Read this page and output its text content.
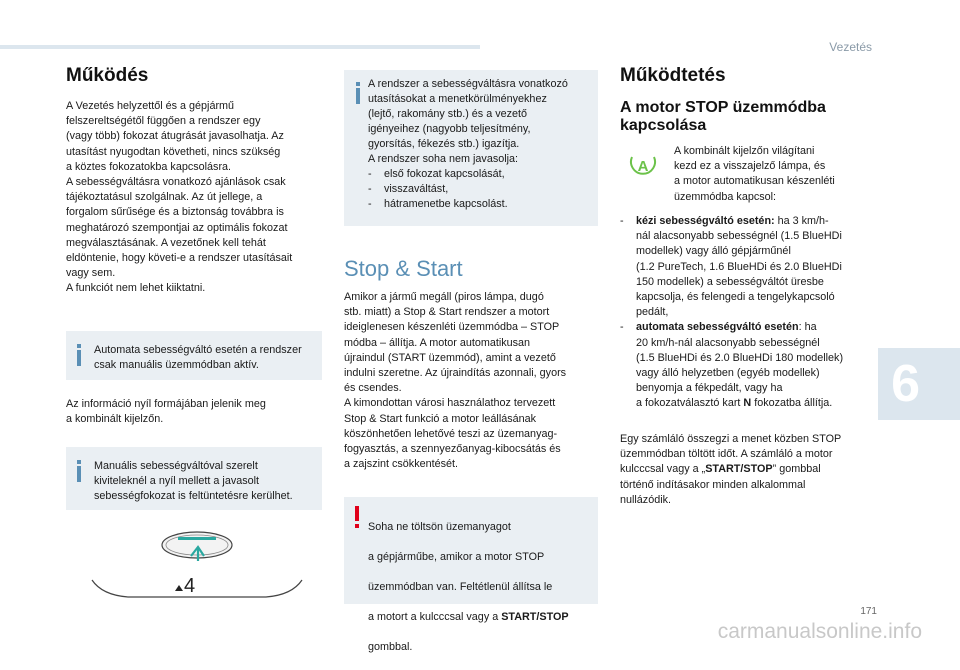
Vezetés
Működés
A Vezetés helyzettől és a gépjármű
felszereltségétől függően a rendszer egy
(vagy több) fokozat átugrását javasolhatja. Az
utasítást nyugodtan követheti, nincs szükség
a köztes fokozatokba kapcsolásra.
A sebességváltásra vonatkozó ajánlások csak
tájékoztatásul szolgálnak. Az út jellege, a
forgalom sűrűsége és a biztonság továbbra is
meghatározó szempontjai az optimális fokozat
megválasztásának. A vezetőnek kell tehát
eldöntenie, hogy követi-e a rendszer utasításait
vagy sem.
A funkciót nem lehet kiiktatni.
Automata sebességváltó esetén a rendszer
csak manuális üzemmódban aktív.
Az információ nyíl formájában jelenik meg
a kombinált kijelzőn.
Manuális sebességváltóval szerelt
kiviteleknél a nyíl mellett a javasolt
sebességfokozat is feltüntetésre kerülhet.
4
A rendszer a sebességváltásra vonatkozó
utasításokat a menetkörülményekhez
(lejtő, rakomány stb.) és a vezető
igényeihez (nagyobb teljesítmény,
gyorsítás, fékezés stb.) igazítja.
A rendszer soha nem javasolja:
-	első fokozat kapcsolását,
-	visszaváltást,
-	hátramenetbe kapcsolást.
Stop & Start
Amikor a jármű megáll (piros lámpa, dugó
stb. miatt) a Stop & Start rendszer a motort
ideiglenesen készenléti üzemmódba – STOP
módba – állítja. A motor automatikusan
újraindul (START üzemmód), amint a vezető
indulni szeretne. Az újraindítás azonnali, gyors
és csendes.
A kimondottan városi használathoz tervezett
Stop & Start funkció a motor leállásának
köszönhetően lehetővé teszi az üzemanyag-
fogyasztás, a szennyezőanyag-kibocsátás és
a zajszint csökkentését.

Soha ne töltsön üzemanyagot

a gépjárműbe, amikor a motor STOP

üzemmódban van. Feltétlenül állítsa le

a motort a kulcccsal vagy a START/STOP

gombbal.

Működtetés
A motor STOP üzemmódba
kapcsolása
A
A kombinált kijelzőn világítani
kezd ez a visszajelző lámpa, és
a motor automatikusan készenléti
üzemmódba kapcsol:
-	kézi sebességváltó esetén: ha 3 km/h-
nál alacsonyabb sebességnél (1.5 BlueHDi
modellek) vagy álló gépjárműnél
(1.2 PureTech, 1.6 BlueHDi és 2.0 BlueHDi
150 modellek) a sebességváltót üresbe
kapcsolja, és felengedi a tengelykapcsoló
pedált,
-	automata sebességváltó esetén: ha
20 km/h-nál alacsonyabb sebességnél
(1.5 BlueHDi és 2.0 BlueHDi 180 modellek)
vagy álló helyzetben (egyéb modellek)
benyomja a fékpedált, vagy ha
a fokozatválasztó kart N fokozatba állítja.
Egy számláló összegzi a menet közben STOP
üzemmódban töltött időt. A számláló a motor
kulcccsal vagy a „START/STOP” gombbal
történő indításakor minden alkalommal
nullázódik.
6
171
carmanualsonline.info
